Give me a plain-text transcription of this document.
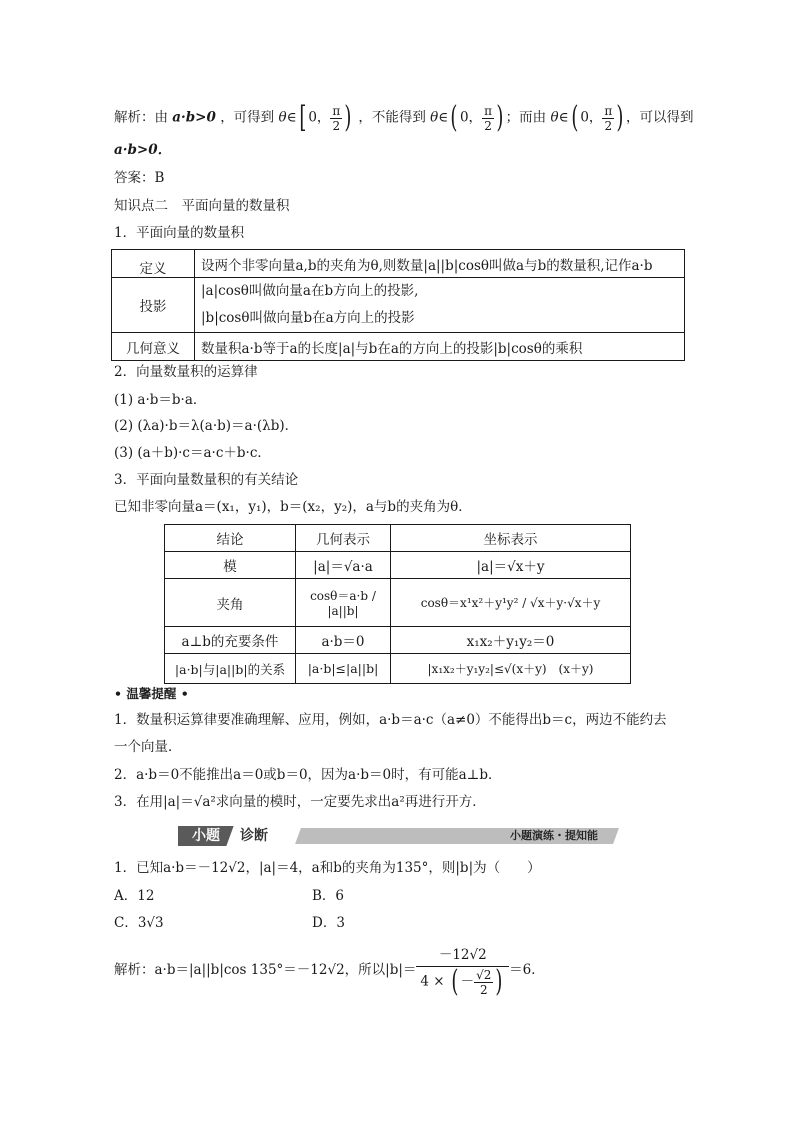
解析：由 a·b>0 ，可得到 θ∈[ 0， $\frac{\pi}{2}$ ) ，不能得到 θ∈( 0， $\frac{\pi}{2}$ ) ；而由 θ∈( 0， $\frac{\pi}{2}$ ) ，可以得到
a·b>0．
答案：B
知识点二　平面向量的数量积
1．平面向量的数量积
定义	设两个非零向量a,b的夹角为θ,则数量|a||b|cosθ叫做a与b的数量积,记作a·b
投影	|a|cosθ叫做向量a在b方向上的投影,
|b|cosθ叫做向量b在a方向上的投影

几何意义	数量积a·b等于a的长度|a|与b在a的方向上的投影|b|cosθ的乘积
2．向量数量积的运算律
(1) a·b＝b·a．
(2) (λa)·b＝λ(a·b)＝a·(λb)．
(3) (a＋b)·c＝a·c＋b·c．
3．平面向量数量积的有关结论
已知非零向量a＝(x₁，y₁)，b＝(x₂，y₂)，a与b的夹角为θ．
结论	几何表示	坐标表示
模	|a|＝√a·a	|a|＝√x＋y
夹角	cosθ＝a·b / |a||b|	cosθ＝x¹x²＋y¹y² / √x＋y·√x＋y
a⊥b的充要条件	a·b＝0	x₁x₂＋y₁y₂＝0
|a·b|与|a||b|的关系	|a·b|≤|a||b|	|x₁x₂＋y₁y₂|≤√(x＋y)　(x＋y)
• 温馨提醒 •
1．数量积运算律要准确理解、应用，例如，a·b＝a·c（a≠0）不能得出b＝c，两边不能约去
一个向量．
2．a·b＝0不能推出a＝0或b＝0，因为a·b＝0时，有可能a⊥b．
3．在用|a|＝√a²求向量的模时，一定要先求出a²再进行开方．
小题	诊断	小题演练・提知能
1．已知a·b＝－12√2，|a|＝4，a和b的夹角为135°，则|b|为（　　）
A．12	B．6
C．3√3	D．3
解析：a·b＝|a||b|cos 135°＝－12√2，所以$|b|= \frac{-12√2}{4 \times ( - \frac{√2}{2} )} =6$．
